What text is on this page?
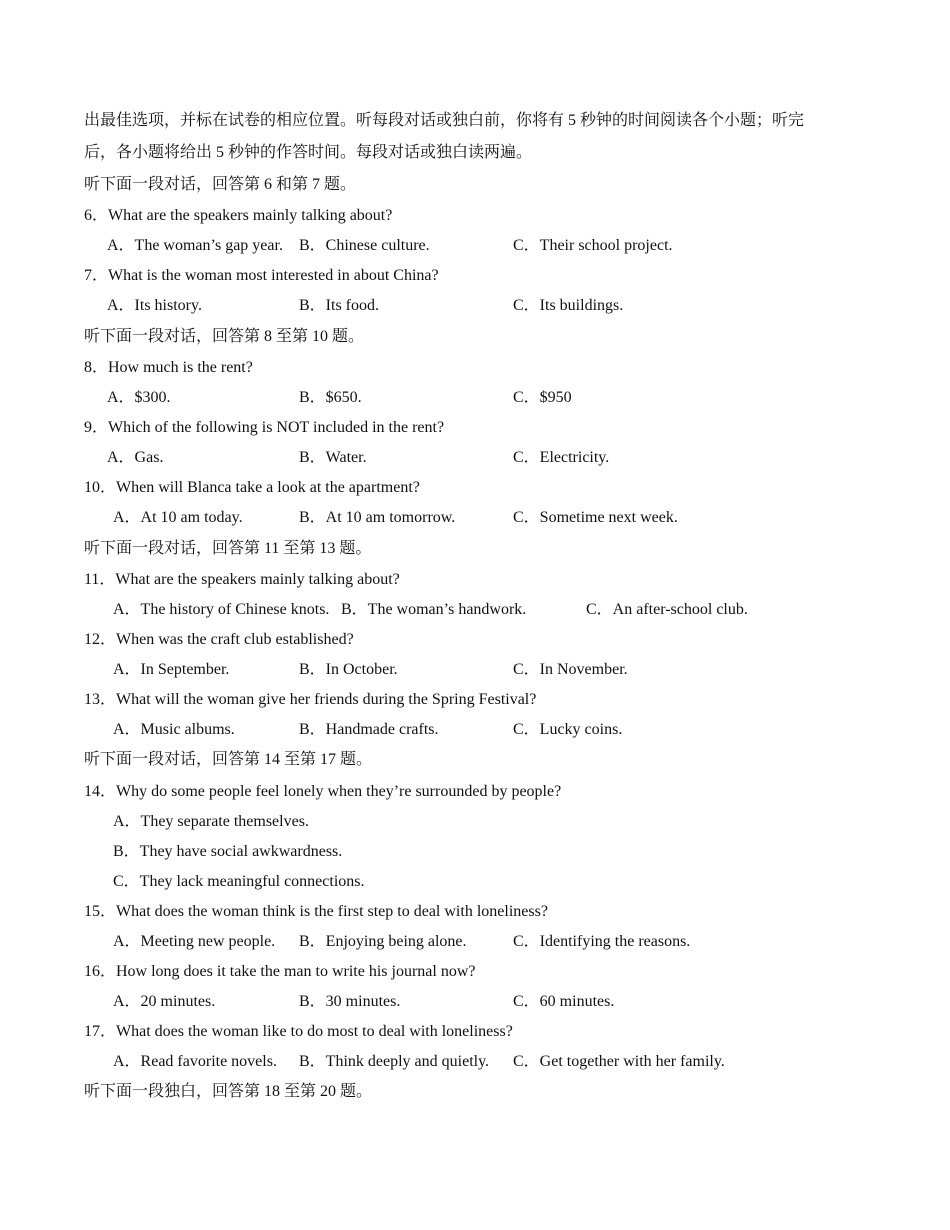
出最佳选项，并标在试卷的相应位置。听每段对话或独白前，你将有 5 秒钟的时间阅读各个小题；听完
后，各小题将给出 5 秒钟的作答时间。每段对话或独白读两遍。
听下面一段对话，回答第 6 和第 7 题。
6．What are the speakers mainly talking about?
A．The woman’s gap year. B．Chinese culture.	C．Their school project.
7．What is the woman most interested in about China?
A．Its history.	B．Its food.	C．Its buildings.
听下面一段对话，回答第 8 至第 10 题。
8．How much is the rent?
A．$300.	B．$650.	C．$950
9．Which of the following is NOT included in the rent?
A．Gas.	B．Water.	C．Electricity.
10．When will Blanca take a look at the apartment?
A．At 10 am today.	B．At 10 am tomorrow.	C．Sometime next week.
听下面一段对话，回答第 11 至第 13 题。
11．What are the speakers mainly talking about?
A．The history of Chinese knots. B．The woman’s handwork.	C．An after-school club.
12．When was the craft club established?
A．In September.	B．In October.	C．In November.
13．What will the woman give her friends during the Spring Festival?
A．Music albums.	B．Handmade crafts.	C．Lucky coins.
听下面一段对话，回答第 14 至第 17 题。
14．Why do some people feel lonely when they’re surrounded by people?
A．They separate themselves.
B．They have social awkwardness.
C．They lack meaningful connections.
15．What does the woman think is the first step to deal with loneliness?
A．Meeting new people. B．Enjoying being alone.	C．Identifying the reasons.
16．How long does it take the man to write his journal now?
A．20 minutes.	B．30 minutes.	C．60 minutes.
17．What does the woman like to do most to deal with loneliness?
A．Read favorite novels. B．Think deeply and quietly. C．Get together with her family.
听下面一段独白，回答第 18 至第 20 题。
